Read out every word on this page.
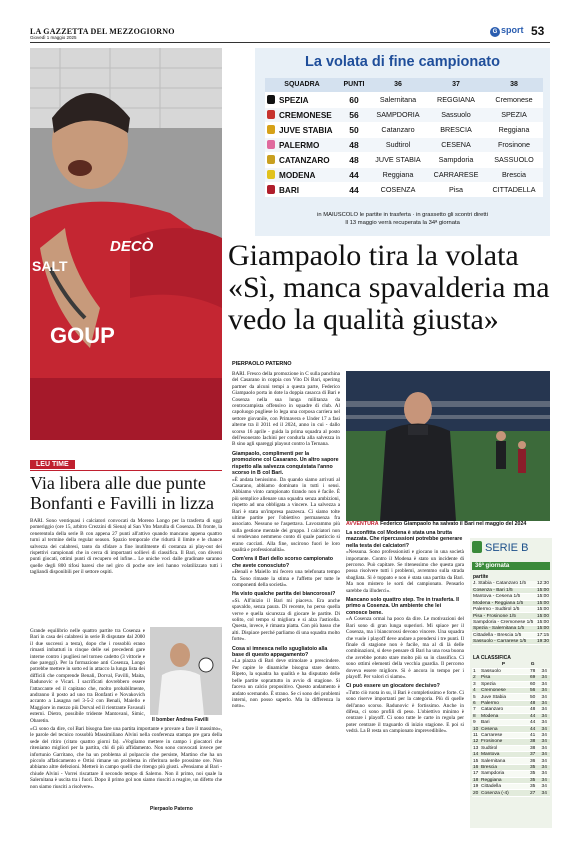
LA GAZZETTA DEL MEZZOGIORNO
Giovedì 1 maggio 2025
G sport 53
DECÒ
GOUP
SALT
La volata di fine campionato
SQUADRA	PUNTI	36	37	38
SPEZIA	60	Salernitana	REGGIANA	Cremonese
CREMONESE	56	SAMPDORIA	Sassuolo	SPEZIA
JUVE STABIA	50	Catanzaro	BRESCIA	Reggiana
PALERMO	48	Sudtirol	CESENA	Frosinone
CATANZARO	48	JUVE STABIA	Sampdoria	SASSUOLO
MODENA	44	Reggiana	CARRARESE	Brescia
BARI	44	COSENZA	Pisa	CITTADELLA
in MAIUSCOLO le partite in trasferta · in grassetto gli scontri diretti
Il 13 maggio verrà recuperata la 34ª giornata
Giampaolo tira la volata «Sì, manca spavalderia ma vedo la qualità giusta»
PIERPAOLO PATERNO

BARI. Fresco della promozione in C sulla panchina del Casarano in coppia con Vito Di Bari, sperimg partner da alcuni tempi a questa parte, Federico Giampaolo porta in dote la doppia casacca di Bari e Cosenza nella sua lunga militanza da centrocampista offensivo in squadre di club. Al capoluogo pugliese lo lega una corposa carriera nel settore giovanile, con Primavera e Under 17 a fasi alterne tra il 2011 ed il 2024, anno in cui - dallo scorso 16 aprile - guida la prima squadra al posto dell'esonerato Iachini per condurla alla salvezza in B sino agli spareggi playout contro la Ternana.

Giampaolo, complimenti per la promozione col Casarano. Un altro sapore rispetto alla salvezza conquistata l'anno scorso in B col Bari.

«È andata benissimo. Da quando siamo arrivati al Casarano, abbiamo dominato in tutti i sensi. Abbiamo vinto campionato tirando non è facile. È più semplice allenare una squadra senza ambizioni, rispetto ad una obbligata a vincere. La salvezza a Bari è stata un'impresa pazzesca. Ci siamo tolte ultime partite per l'obiettivo permanenza fra associato. Nessuno se l'aspettava. Lavorammo più sulla gestione mentale dei gruppo. I calciatori non si rendevano nemmeno conto di quale pasticcio si erano cacciati. Alla fine, uscirono fuori le loro qualità e professionalità».

Com'era il Bari dello scorso campionato che avete conosciuto?

«Benali e Maiello mi fecero una telefonata tempo fa. Sono rimaste la stima e l'affetto per tutte le componenti della società».

Ha visto qualche partita dei biancorossi?

«Sì. All'inizio il Bari mi piaceva. Era anche spavaldo, senza paura. Di recente, ho perso quella verve e quella sicurezza di giocare le partite. Di solito, col tempo si migliora e si alza l'asticella. Questa, invece, è rimasta piatta. Con più basso che alti. Dispiace perché parliamo di una squadra molto forte».

Cosa si imnesca nello sgugliatoio alla base di questo appagamento?

«La piazza di Bari deve stimolare a prescindere. Per capire le dinamiche bisogna stare dentro. Ripeto, la squadra ha qualità e ha disputato delle belle partite soprattutto in avvio di stagione. Si faceva un calcio propositivo. Questo andamento è andato scemando. È strano. Se ci sono dei problemi interni, non posso saperlo. Ma la differenza la noto».

AVVENTURA Federico Giampaolo ha salvato il Bari nel maggio del 2024

La sconfitta col Modena è stata una brutta mazzata. Che ripercussioni potrebbe generare nella testa dei calciatori?

«Nessuna. Sono professionisti e giocano in una società importante. Contro il Modena è stato un incidente di percorso. Può capitare. Se ritenessimo che questa gara possa risolvere tutti i problemi, avremmo sulla strada sbagliata. Si è toppato e non è stata una partita da Bari. Ma non mistero le sorti del campionato. Pensarlo sarebbe da illuderci».

Mancano solo quattro step. Tre in trasferta. Il primo a Cosenza. Un ambiente che lei conosce bene.

«A Cosenza ormai ha poco da dire. Le motivazioni del Bari sono di gran lunga superiori. Mi spiace per il Cosenza, ma i biancorossi devono vincere. Una squadra che vuole i playoff deve andare a prendersi i tre punti. Il finale di stagione non è facile, ma al di là delle combinazioni, si deve pensare di Bari ha una rosa buona che avrebbe potuto stare molto più su in classifica. Ci sono ottimi elementi della vecchia guardia. Il percorso doveva essere migliore. Si è ancora in tempo per i playoff. Per valori ci siamo».

Ci può essere un giocatore decisivo?

«Tutto ciò ruota in su, il Bari è completissimo e forte. Ci sono riserve importanti per la categoria. Più di quelle dell'anno scorso. Radunovic è fortissimo. Anche in difesa, ci sono profili di peso. L'obiettivo minimo è centrare i playoff. Ci sono tutte le carte in regola per poter centrare il traguardo di inizio stagione. E poi si vedrà. La B resta un campionato imprevedibile».

LEU TIME
Via libera alle due punte Bonfanti e Favilli in lizza

BARI. Sono ventiquasi i calciatori convocati da Moreno Longo per la trasferta di oggi pomeriggio (ore 15, arbitro Crezzini di Siena) al San Vito Marulla di Cosenza. Di fronte, la cenerentola della serie B con appena 27 punti all'attivo quando mancano appena quattro turni al termine della regular season. Spazio temporale che ridurrà il limite e le chance salvezza dei calabresi, tanto da sfidare a fine inutilmente di costanza ai play-out dei rispettivi campionati che in cerca di importanti sollievi di classifica. Il Bari, con diversi punti giocati, ottimi punti di recupero ed infine... Le uniche voci dalle gradinate saranno quelle degli 800 tifosi baresi che nel giro di poche ore ieri hanno volatilizzato tutti i tagliandi disponibili per il settore ospiti.

Grande equilibrio nelle quattro partite tra Cosenza e Bari in casa dei calabresi in serie B disputate dal 2000 il due successi a testa), dopo che i rossoblù erano rimasti imbattuti in cinque delle sei precedenti gare interne contro i pugliesi nel torneo cadetto (3 vittorie e due pareggi). Per la formazione anti Cosenza, Longo potrebbe mettere in sotto ed in attacco la lunga lista dei difficili che comprende Benali, Dorval, Favilli, Maita, Radunovic e Vicari. I sacrificati dovrebbero essere l'attaccante ed il capitano che, molto probabilmente, andranno il posto ad uno tra Bonfanti e Novakovich accanto a Lasagna nel 3-5-2 con Benali, Maiello e Maggiore in mezzo più Dorval ed il rientrante Favasuli esterni. Dietro, possibile tridente Mantovani, Simic, Obaretin.

«Ci sono da dire, col Bari bisogna fare una partita importante e provare a fare il massimo», le parole del tecnico rossoblù Massimiliano Alvini nella conferenza stampa pre gara della sede del ritiro (citato quattro giorni fa). «Vogliamo mettere in campo i giocatori che riteniamo migliori per la partita, chi di più affidamento. Non sono convocati invece per infortunio Garritano, che ha un problema al polpaccio che persiste, Martino che ha un piccolo affaticamento e Ortisi rimane un problema in riferitura nelle prossime ore. Non abbiamo altre defezioni. Metterò in campo quelli che ritengo più giusti. «Pensiamo al Bari - chiude Alvini - Vorrei riscattare il secondo tempo di Salerno. Non il primo, noi quale la Salernitana è uscita tra i fuori. Dopo il primo gol non siamo riusciti a reagire, un difetto che non siamo riusciti a risolvere».

Il bomber Andrea Favilli
Pierpaolo Paterno
SERIE B
36ª giornata
partite
J. Stabia - Catanzaro 1/5	12:30
Cosenza - Bari 1/5	15:00
Mantova - Cesena 1/5	15:00
Modena - Reggiana 1/5	15:00
Palermo - Sudtirol 1/5	15:00
Pisa - Frosinone 1/5	15:00
Sampdoria - Cremonese 1/5	15:00
Spezia - Salernitana 1/5	15:00
Cittadella - Brescia 1/5	17:15
Sassuolo - Carrarese 1/5	19:30
LA CLASSIFICA
	P	G	
1	Sassuolo	78	34
2	Pisa	69	34
3	Spezia	60	34
4	Cremonese	56	34
5	Juve Stabia	50	34
6	Palermo	48	34
7	Catanzaro	48	34
8	Modena	44	34
9	Bari	44	34
10	Cesena	44	34
11	Carrarese	41	34
12	Frosinone	38	34
13	Sudtirol	38	34
14	Mantova	37	34
15	Salernitana	36	34
16	Brescia	35	34
17	Sampdoria	35	34
18	Reggiana	35	34
19	Cittadella	35	34
20	Cosenza (-4)	27	34
